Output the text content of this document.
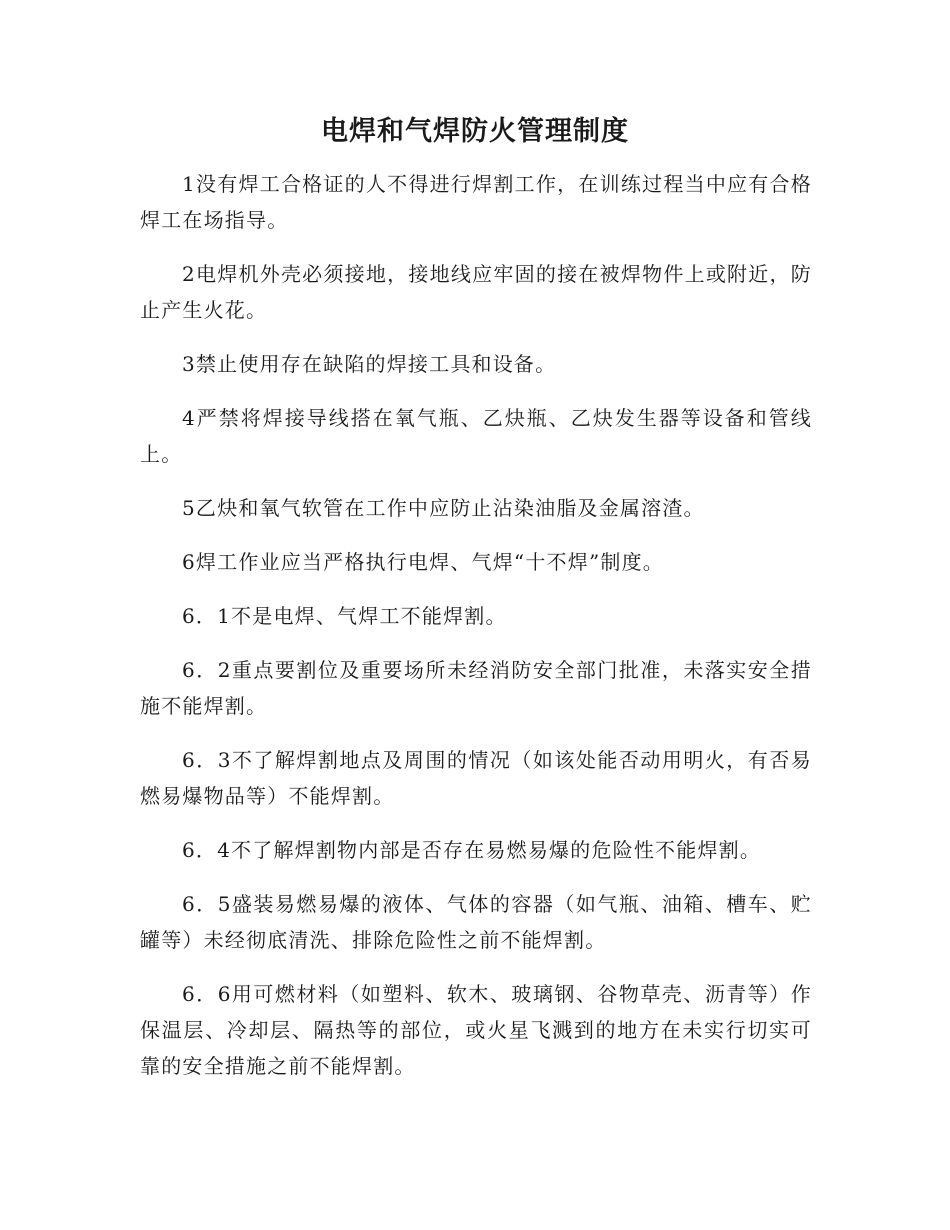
电焊和气焊防火管理制度

1没有焊工合格证的人不得进行焊割工作，在训练过程当中应有合格焊工在场指导。

2电焊机外壳必须接地，接地线应牢固的接在被焊物件上或附近，防止产生火花。

3禁止使用存在缺陷的焊接工具和设备。

4严禁将焊接导线搭在氧气瓶、乙炔瓶、乙炔发生器等设备和管线上。

5乙炔和氧气软管在工作中应防止沾染油脂及金属溶渣。

6焊工作业应当严格执行电焊、气焊“十不焊”制度。

6．1不是电焊、气焊工不能焊割。

6．2重点要割位及重要场所未经消防安全部门批准，未落实安全措施不能焊割。

6．3不了解焊割地点及周围的情况（如该处能否动用明火，有否易燃易爆物品等）不能焊割。

6．4不了解焊割物内部是否存在易燃易爆的危险性不能焊割。

6．5盛装易燃易爆的液体、气体的容器（如气瓶、油箱、槽车、贮罐等）未经彻底清洗、排除危险性之前不能焊割。

6．6用可燃材料（如塑料、软木、玻璃钢、谷物草壳、沥青等）作保温层、冷却层、隔热等的部位，或火星飞溅到的地方在未实行切实可靠的安全措施之前不能焊割。
